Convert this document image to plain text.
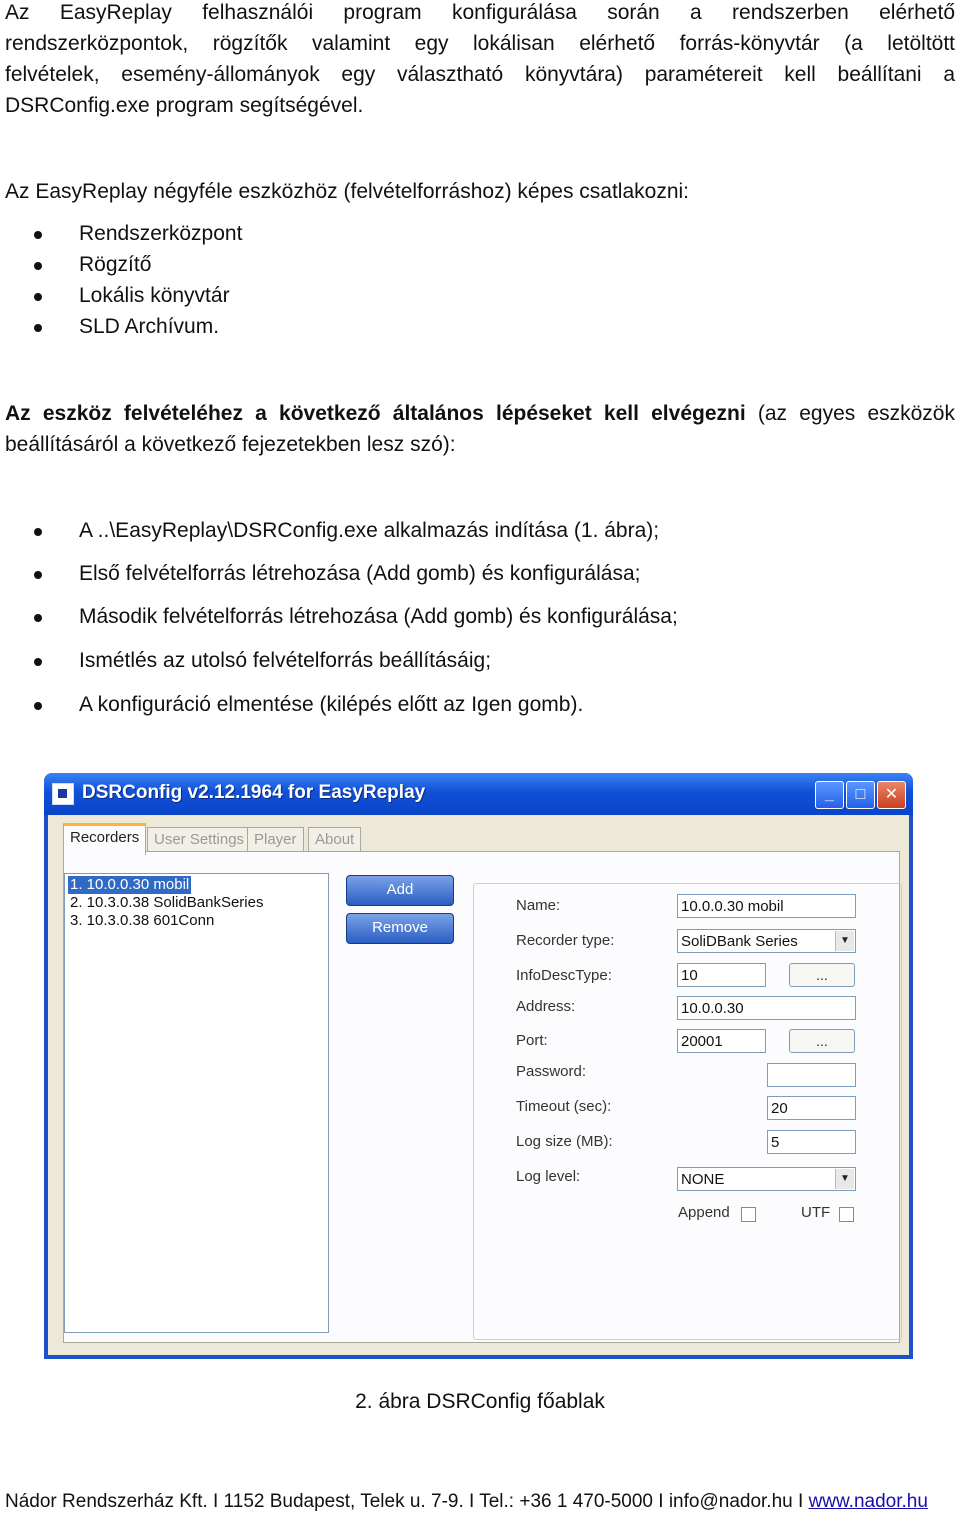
Az EasyReplay felhasználói program konfigurálása során a rendszerben elérhető
rendszerközpontok, rögzítők valamint egy lokálisan elérhető forrás-könyvtár (a letöltött
felvételek, esemény-állományok egy választható könyvtára) paramétereit kell beállítani a
DSRConfig.exe program segítségével.
Az EasyReplay négyféle eszközhöz (felvételforráshoz) képes csatlakozni:
Rendszerközpont
Rögzítő
Lokális könyvtár
SLD Archívum.
Az eszköz felvételéhez a következő általános lépéseket kell elvégezni (az egyes eszközök
beállításáról a következő fejezetekben lesz szó):
A ..\EasyReplay\DSRConfig.exe alkalmazás indítása (1. ábra);
Első felvételforrás létrehozása (Add gomb) és konfigurálása;
Második felvételforrás létrehozása (Add gomb) és konfigurálása;
Ismétlés az utolsó felvételforrás beállításáig;
A konfiguráció elmentése (kilépés előtt az Igen gomb).
DSRConfig v2.12.1964 for EasyReplay	_	□	✕
Recorders User Settings Player	About
1. 10.0.0.30 mobil
2. 10.3.0.38 SolidBankSeries
3. 10.3.0.38 601Conn
Add
Remove
Name:	10.0.0.30 mobil
Recorder type:	SoliDBank Series	▼
InfoDescType:	10	...
Address:	10.0.0.30
Port:	20001	...
Password:
Timeout (sec):	20
Log size (MB):	5
Log level:	NONE	▼
Append	UTF
2. ábra DSRConfig főablak
Nádor Rendszerház Kft. I 1152 Budapest, Telek u. 7-9. I Tel.: +36 1 470-5000 I info@nador.hu I www.nador.hu
